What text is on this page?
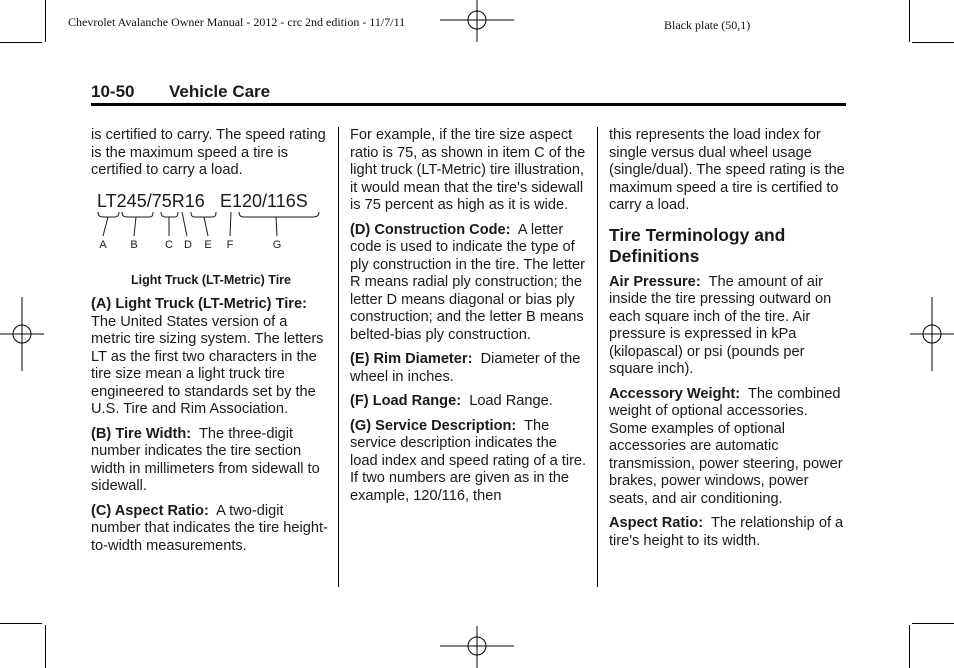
Chevrolet Avalanche Owner Manual - 2012 - crc 2nd edition - 11/7/11	Black plate (50,1)
10-50 Vehicle Care

is certified to carry. The speed rating is the maximum speed a tire is certified to carry a load.

LT245/75R16 E120/116S
A B C D E F	G

Light Truck (LT-Metric) Tire

(A) Light Truck (LT-Metric) Tire:  The United States version of a metric tire sizing system. The letters LT as the first two characters in the tire size mean a light truck tire engineered to standards set by the U.S. Tire and Rim Association.

(B) Tire Width: The three-digit number indicates the tire section width in millimeters from sidewall to sidewall.

(C) Aspect Ratio: A two-digit number that indicates the tire height-to-width measurements.

For example, if the tire size aspect ratio is 75, as shown in item C of the light truck (LT-Metric) tire illustration, it would mean that the tire's sidewall is 75 percent as high as it is wide.

(D) Construction Code: A letter code is used to indicate the type of ply construction in the tire. The letter R means radial ply construction; the letter D means diagonal or bias ply construction; and the letter B means belted-bias ply construction.

(E) Rim Diameter: Diameter of the wheel in inches.

(F) Load Range: Load Range.

(G) Service Description: The service description indicates the load index and speed rating of a tire. If two numbers are given as in the example, 120/116, then

this represents the load index for single versus dual wheel usage (single/dual). The speed rating is the maximum speed a tire is certified to carry a load.

Tire Terminology and Definitions

Air Pressure: The amount of air inside the tire pressing outward on each square inch of the tire. Air pressure is expressed in kPa (kilopascal) or psi (pounds per square inch).

Accessory Weight: The combined weight of optional accessories. Some examples of optional accessories are automatic transmission, power steering, power brakes, power windows, power seats, and air conditioning.

Aspect Ratio: The relationship of a tire's height to its width.
